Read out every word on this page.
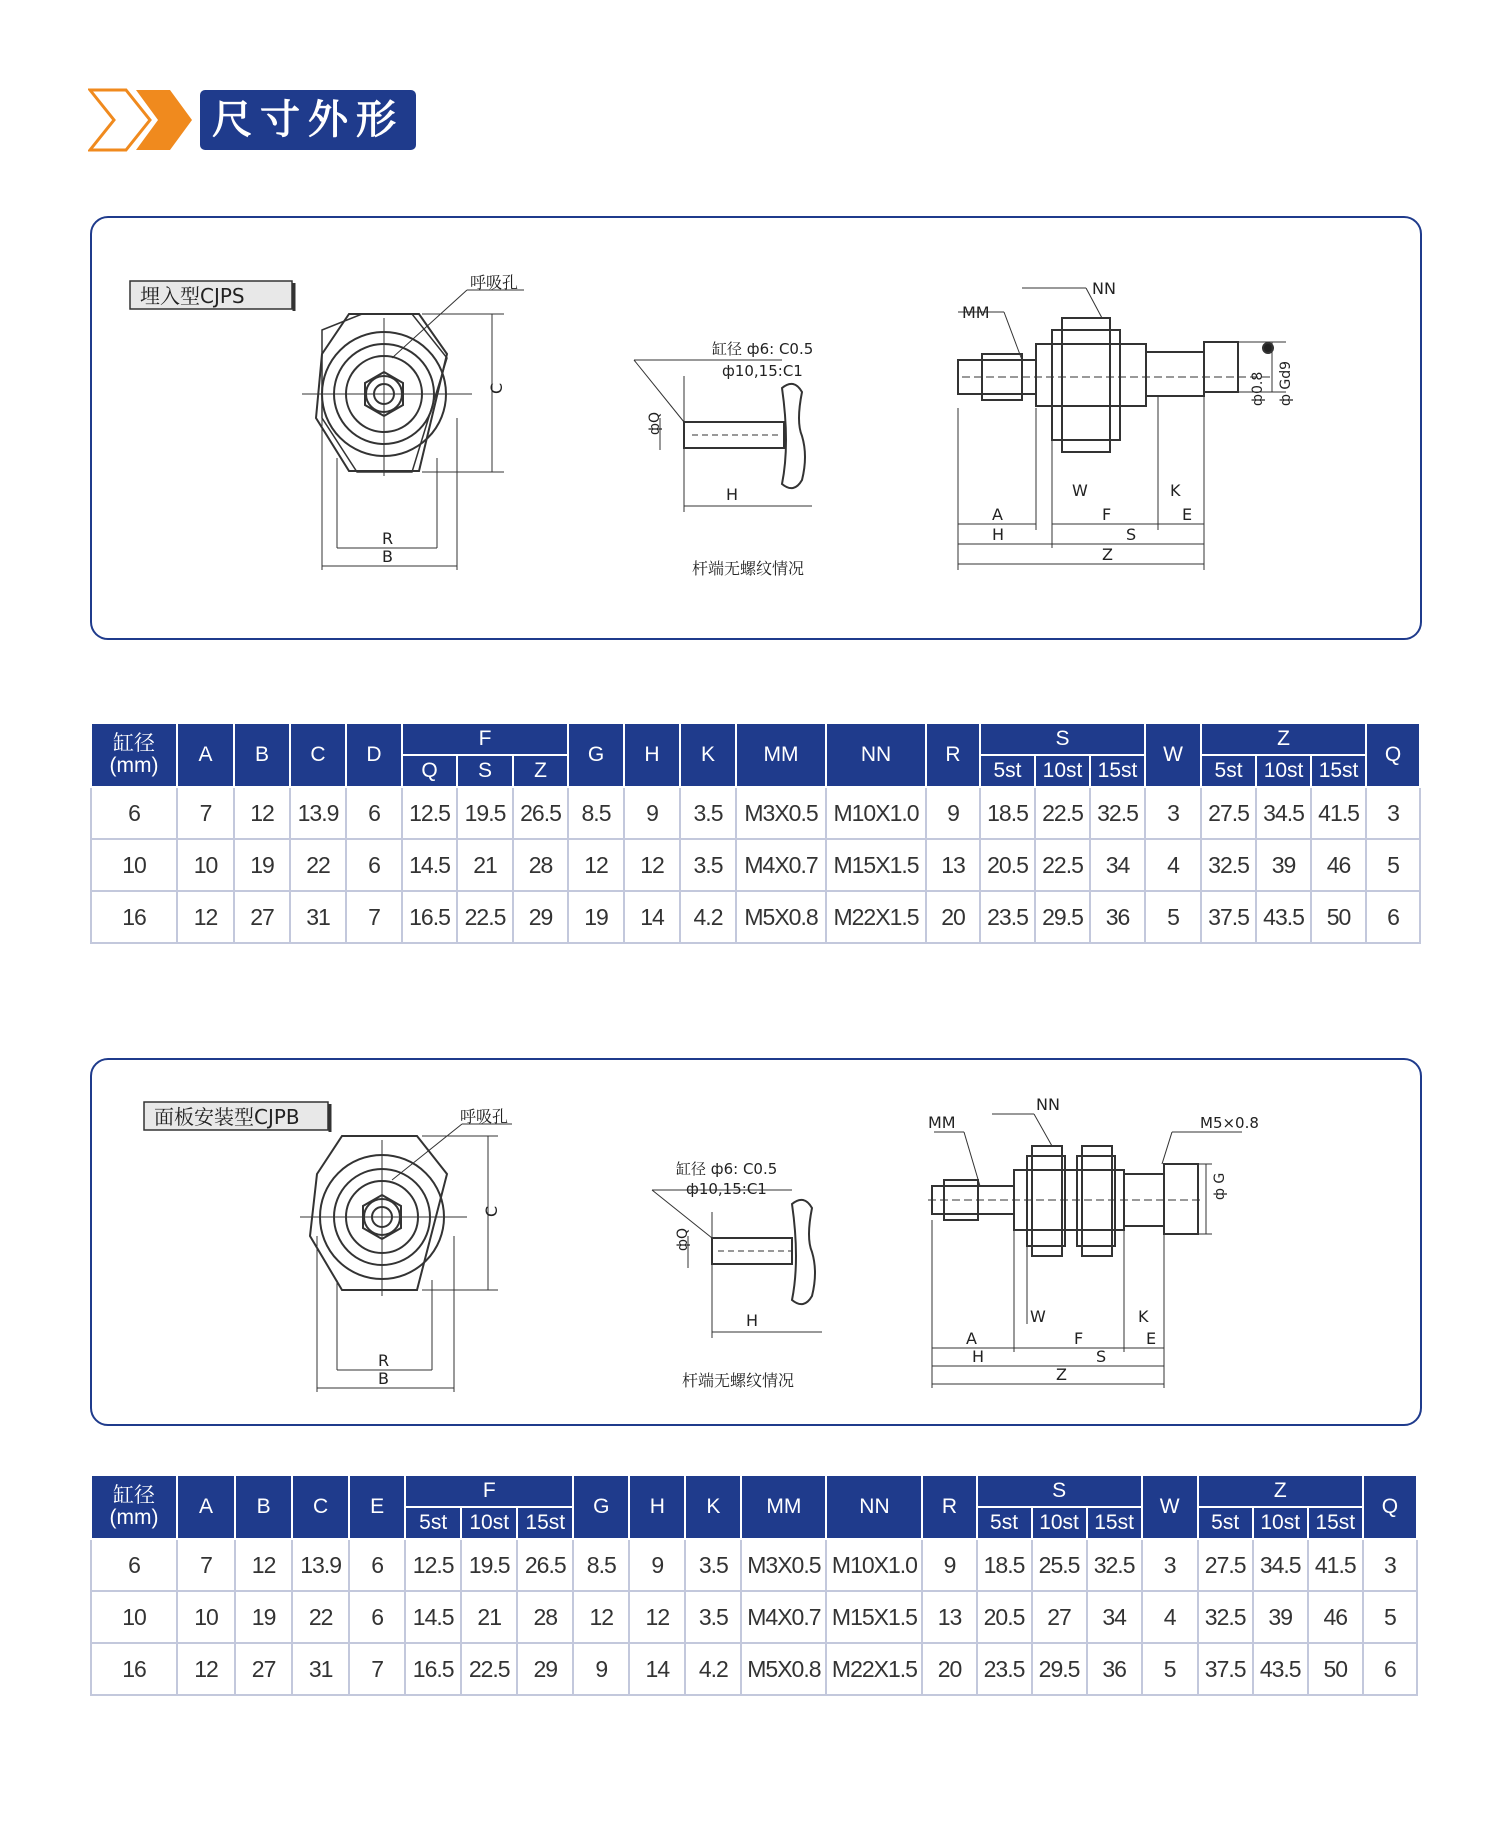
尺寸外形
埋入型CJPS
呼吸孔
C
R
B
缸径 ф6: C0.5
ф10,15:C1
фQ
H
杆端无螺纹情况
NN
MM
ф0.8 ф Gd9
W	K
A	F	E
H	S
Z
缸径
(mm)	A	B	C	D	F			G	H	K	MM	NN	R	S			W	Z			Q
					Q	S	Z							5st	10st	15st		5st	10st	15st	
6	7	12	13.9	6	12.5	19.5	26.5	8.5	9	3.5	M3X0.5	M10X1.0	9	18.5	22.5	32.5	3	27.5	34.5	41.5	3
10	10	19	22	6	14.5	21	28	12	12	3.5	M4X0.7	M15X1.5	13	20.5	22.5	34	4	32.5	39	46	5
16	12	27	31	7	16.5	22.5	29	19	14	4.2	M5X0.8	M22X1.5	20	23.5	29.5	36	5	37.5	43.5	50	6
面板安装型CJPB	呼吸孔
C
R
B
缸径 ф6: C0.5
ф10,15:C1
фQ
H
杆端无螺纹情况
NN
MM	M5×0.8
ф G
W	K
A	F	E
H	S
Z
缸径
(mm)	A	B	C	E	F			G	H	K	MM	NN	R	S			W	Z			Q
					5st	10st	15st							5st	10st	15st		5st	10st	15st	
6	7	12	13.9	6	12.5	19.5	26.5	8.5	9	3.5	M3X0.5	M10X1.0	9	18.5	25.5	32.5	3	27.5	34.5	41.5	3
10	10	19	22	6	14.5	21	28	12	12	3.5	M4X0.7	M15X1.5	13	20.5	27	34	4	32.5	39	46	5
16	12	27	31	7	16.5	22.5	29	9	14	4.2	M5X0.8	M22X1.5	20	23.5	29.5	36	5	37.5	43.5	50	6
